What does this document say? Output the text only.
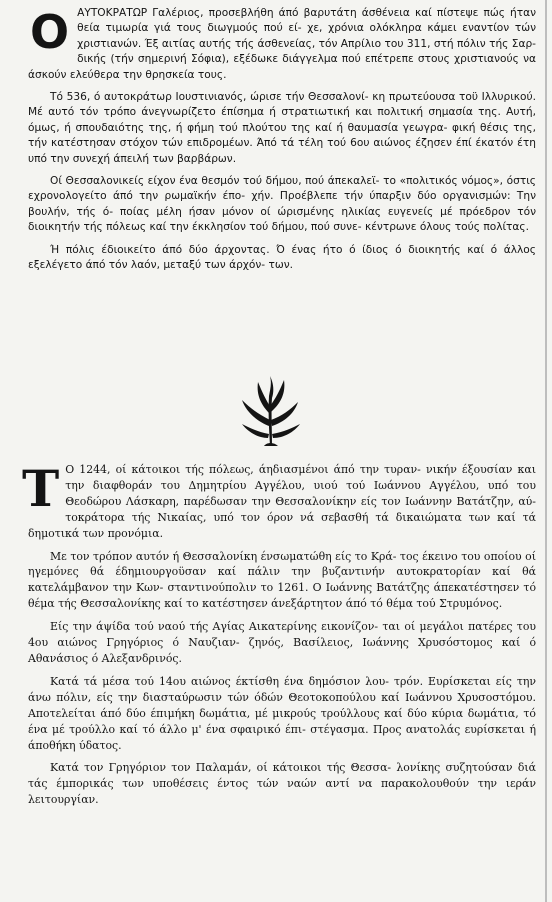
Ο ΑΥΤΟΚΡΑΤΩΡ Γαλέριος, προσεβλήθη άπό βαρυτάτη άσθένεια καί πίστεψε πώς ήταν θεία τιμωρία γιά τους διωγμούς πού εί- χε, χρόνια ολόκληρα κάμει εναντίον τών χριστιανών. Έξ αιτίας αυτής τής άσθενείας, τόν Απρίλιο του 311, στή πόλιν τής Σαρ- δικής (τήν σημερινή Σόφια), εξέδωκε διάγγελμα πού επέτρεπε στους χριστιανούς να άσκούν ελεύθερα την θρησκεία τους.

Τό 536, ό αυτοκράτωρ Ιουστινιανός, ώρισε τήν Θεσσαλονί- κη πρωτεύουσα τοϋ Ιλλυρικού. Μέ αυτό τόν τρόπο άνεγνωρίζετο έπίσημα ή στρατιωτική και πολιτική σημασία της. Αυτή, όμως, ή σπουδαιότης της, ή φήμη τού πλούτου της καί ή θαυμασία γεωγρα- φική θέσις της, τήν κατέστησαν στόχον τών επιδρομέων. Άπό τά τέλη τού 6ου αιώνος έζησεν έπί έκατόν έτη υπό την συνεχή άπειλή των βαρβάρων.

Οί Θεσσαλονικείς είχον ένα θεσμόν τού δήμου, πού άπεκαλεϊ- το «πολιτικός νόμος», όστις εχρονολογείτο άπό την ρωμαϊκήν έπο- χήν. Προέβλεπε τήν ύπαρξιν δύο οργανισμών: Την βουλήν, τής ό- ποίας μέλη ήσαν μόνον οί ώρισμένης ηλικίας ευγενείς μέ πρόεδρον τόν διοικητήν τής πόλεως καί την έκκλησίον τού δήμου, πού συνε- κέντρωνε όλους τούς πολίτας.

Ή πόλις έδιοικείτο άπό δύο άρχοντας. Ό ένας ήτο ό ίδιος ό διοικητής καί ό άλλος εξελέγετο άπό τόν λαόν, μεταξύ των άρχόν- των.

Τ Ο 1244, οί κάτοικοι τής πόλεως, άηδιασμένοι άπό την τυραν- νικήν έξουσίαν και την διαφθοράν του Δημητρίου Αγγέλου, υιού τού Ιωάννου Αγγέλου, υπό του Θεοδώρου Λάσκαρη, παρέδωσαν την Θεσσαλονίκην είς τον Ιωάννην Βατάτζην, αύ- τοκράτορα τής Νικαίας, υπό τον όρον νά σεβασθή τά δικαιώματα των καί τά δημοτικά των προνόμια.

Με τον τρόπον αυτόν ή Θεσσαλονίκη ένσωματώθη είς το Κρά- τος έκεινο του οποίου οί ηγεμόνες θά έδημιουργοϋσαν καί πάλιν την βυζαντινήν αυτοκρατορίαν καί θά κατελάμβανον την Κων- σταντινούπολιν το 1261. Ο Ιωάννης Βατάτζης άπεκατέστησεν τό θέμα τής Θεσσαλονίκης καί το κατέστησεν άνεξάρτητον άπό τό θέμα τού Στρυμόνος.

Είς την άψίδα τού ναού τής Αγίας Αικατερίνης εικονίζον- ται οί μεγάλοι πατέρες του 4ου αιώνος Γρηγόριος ό Ναυζιαν- ζηνός, Βασίλειος, Ιωάννης Χρυσόστομος καί ό Αθανάσιος ό Αλεξανδρινός.

Κατά τά μέσα τού 14ου αιώνος έκτίσθη ένα δημόσιον λου- τρόν. Ευρίσκεται είς την άνω πόλιν, είς την διασταύρωσιν τών όδών Θεοτοκοπούλου καί Ιωάννου Χρυσοστόμου. Αποτελείται άπό δύο έπιμήκη δωμάτια, μέ μικρούς τρούλλους καί δύο κύρια δωμάτια, τό ένα μέ τρούλλο καί τό άλλο μ' ένα σφαιρικό έπι- στέγασμα. Προς ανατολάς ευρίσκεται ή άποθήκη ύδατος.

Κατά τον Γρηγόριον τον Παλαμάν, οί κάτοικοι τής Θεσσα- λονίκης συζητούσαν διά τάς έμπορικάς των υποθέσεις έντος τών ναών αντί να παρακολουθούν την ιεράν λειτουργίαν.
